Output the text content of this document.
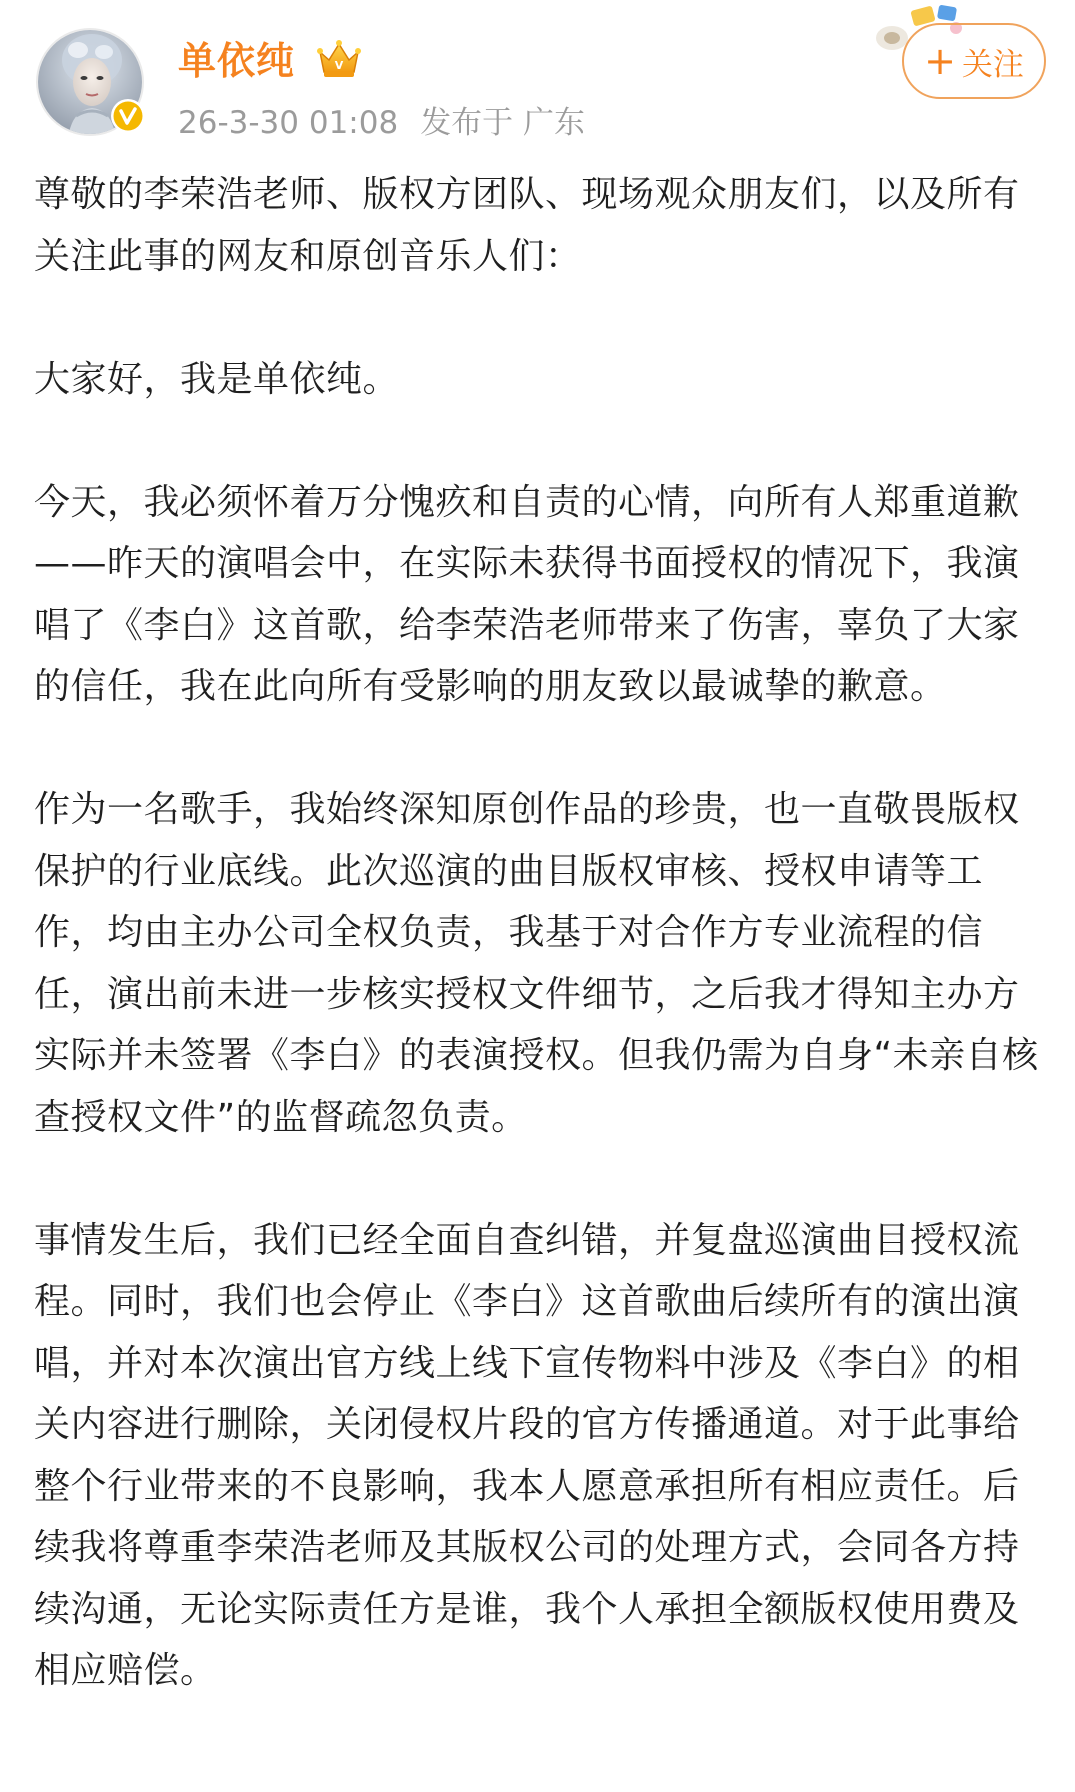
单依纯	V
26-3-30 01:08 发布于 广东
+ 关注

尊敬的李荣浩老师、版权方团队、现场观众朋友们，以及所有关注此事的网友和原创音乐人们：

大家好，我是单依纯。

今天，我必须怀着万分愧疚和自责的心情，向所有人郑重道歉——昨天的演唱会中，在实际未获得书面授权的情况下，我演唱了《李白》这首歌，给李荣浩老师带来了伤害，辜负了大家的信任，我在此向所有受影响的朋友致以最诚挚的歉意。

作为一名歌手，我始终深知原创作品的珍贵，也一直敬畏版权保护的行业底线。此次巡演的曲目版权审核、授权申请等工作，均由主办公司全权负责，我基于对合作方专业流程的信任，演出前未进一步核实授权文件细节，之后我才得知主办方实际并未签署《李白》的表演授权。但我仍需为自身“未亲自核查授权文件”的监督疏忽负责。

事情发生后，我们已经全面自查纠错，并复盘巡演曲目授权流程。同时，我们也会停止《李白》这首歌曲后续所有的演出演唱，并对本次演出官方线上线下宣传物料中涉及《李白》的相关内容进行删除，关闭侵权片段的官方传播通道。对于此事给整个行业带来的不良影响，我本人愿意承担所有相应责任。后续我将尊重李荣浩老师及其版权公司的处理方式，会同各方持续沟通，无论实际责任方是谁，我个人承担全额版权使用费及相应赔偿。
